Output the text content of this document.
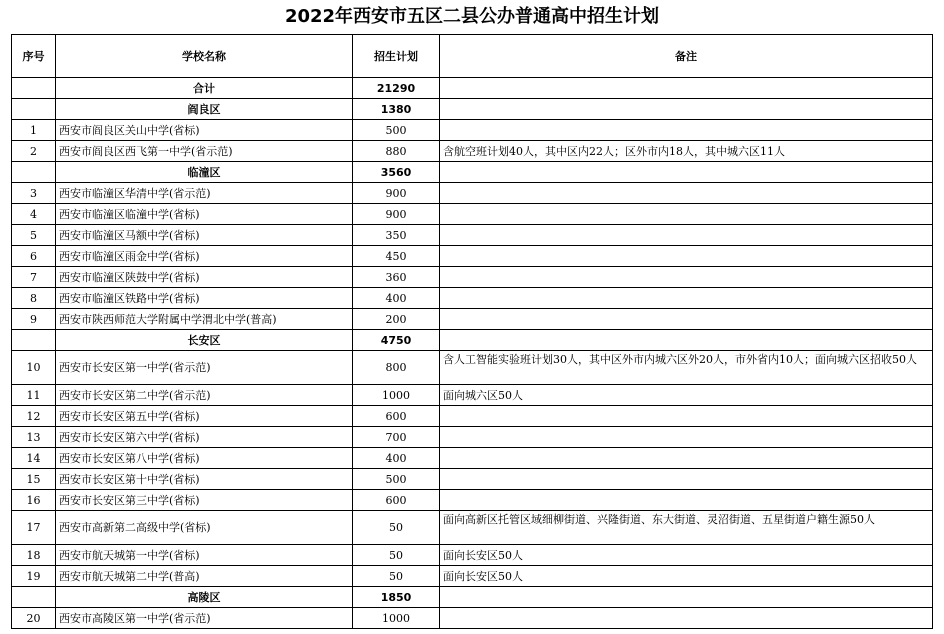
2022年西安市五区二县公办普通高中招生计划
序号	学校名称	招生计划	备注
	合计	21290	
	阎良区	1380	
1	西安市阎良区关山中学(省标)	500	
2	西安市阎良区西飞第一中学(省示范)	880	含航空班计划40人，其中区内22人；区外市内18人，其中城六区11人
	临潼区	3560	
3	西安市临潼区华清中学(省示范)	900	
4	西安市临潼区临潼中学(省标)	900	
5	西安市临潼区马额中学(省标)	350	
6	西安市临潼区雨金中学(省标)	450	
7	西安市临潼区陕鼓中学(省标)	360	
8	西安市临潼区铁路中学(省标)	400	
9	西安市陕西师范大学附属中学渭北中学(普高)	200	
	长安区	4750	
10	西安市长安区第一中学(省示范)	800	含人工智能实验班计划30人，其中区外市内城六区外20人，市外省内10人；面向城六区招收50人
11	西安市长安区第二中学(省示范)	1000	面向城六区50人
12	西安市长安区第五中学(省标)	600	
13	西安市长安区第六中学(省标)	700	
14	西安市长安区第八中学(省标)	400	
15	西安市长安区第十中学(省标)	500	
16	西安市长安区第三中学(省标)	600	
17	西安市高新第二高级中学(省标)	50	面向高新区托管区域细柳街道、兴隆街道、东大街道、灵沼街道、五星街道户籍生源50人
18	西安市航天城第一中学(省标)	50	面向长安区50人
19	西安市航天城第二中学(普高)	50	面向长安区50人
	高陵区	1850	
20	西安市高陵区第一中学(省示范)	1000	
